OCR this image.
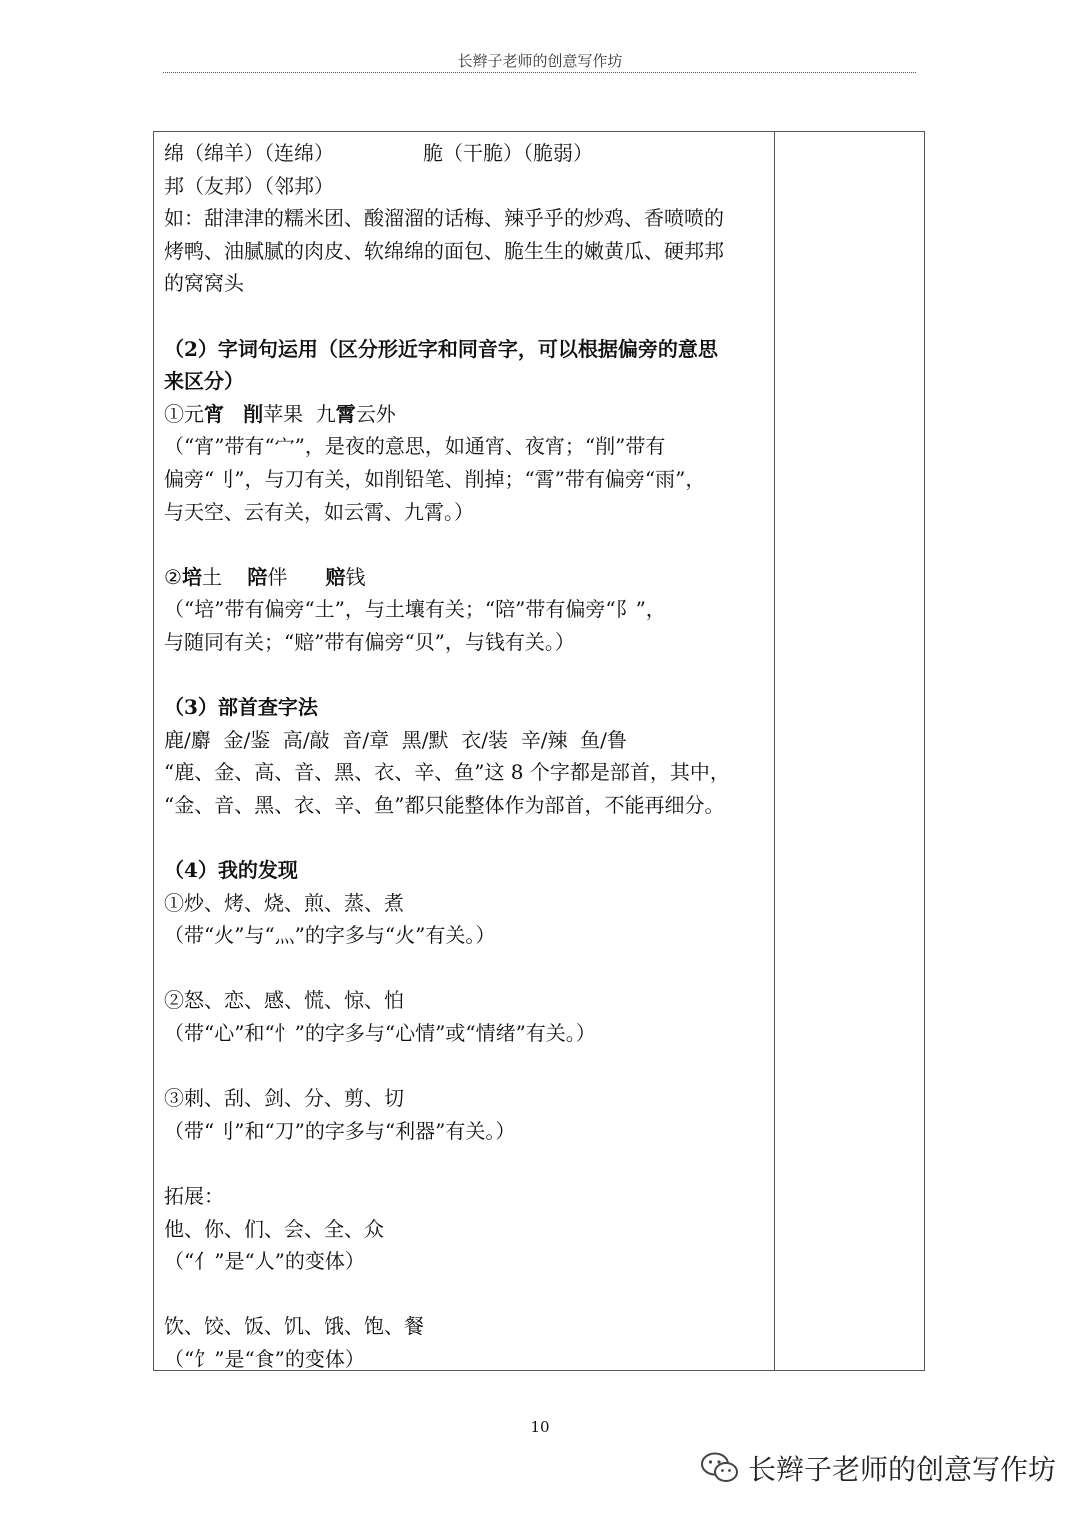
长辫子老师的创意写作坊
绵（绵羊）（连绵）              脆（干脆）（脆弱）
邦（友邦）（邻邦）
如：甜津津的糯米团、酸溜溜的话梅、辣乎乎的炒鸡、香喷喷的
烤鸭、油腻腻的肉皮、软绵绵的面包、脆生生的嫩黄瓜、硬邦邦
的窝窝头
（2）字词句运用（区分形近字和同音字，可以根据偏旁的意思
来区分）
①元宵 削苹果  九霄云外
（“宵”带有“宀”，是夜的意思，如通宵、夜宵；“削”带有
偏旁“刂”，与刀有关，如削铅笔、削掉；“霄”带有偏旁“雨”，
与天空、云有关，如云霄、九霄。）
②培土 陪伴 赔钱
（“培”带有偏旁“土”，与土壤有关；“陪”带有偏旁“阝”，
与随同有关；“赔”带有偏旁“贝”，与钱有关。）
（3）部首查字法
鹿/麝  金/鉴  高/敲  音/章  黑/默  衣/装  辛/辣  鱼/鲁
“鹿、金、高、音、黑、衣、辛、鱼”这 8 个字都是部首，其中，
“金、音、黑、衣、辛、鱼”都只能整体作为部首，不能再细分。
（4）我的发现
①炒、烤、烧、煎、蒸、煮
（带“火”与“灬”的字多与“火”有关。）
②怒、恋、感、慌、惊、怕
（带“心”和“忄”的字多与“心情”或“情绪”有关。）
③刺、刮、剑、分、剪、切
（带“刂”和“刀”的字多与“利器”有关。）
拓展：
他、你、们、会、全、众
（“亻”是“人”的变体）
饮、饺、饭、饥、饿、饱、餐
（“饣”是“食”的变体）
10
长辫子老师的创意写作坊
